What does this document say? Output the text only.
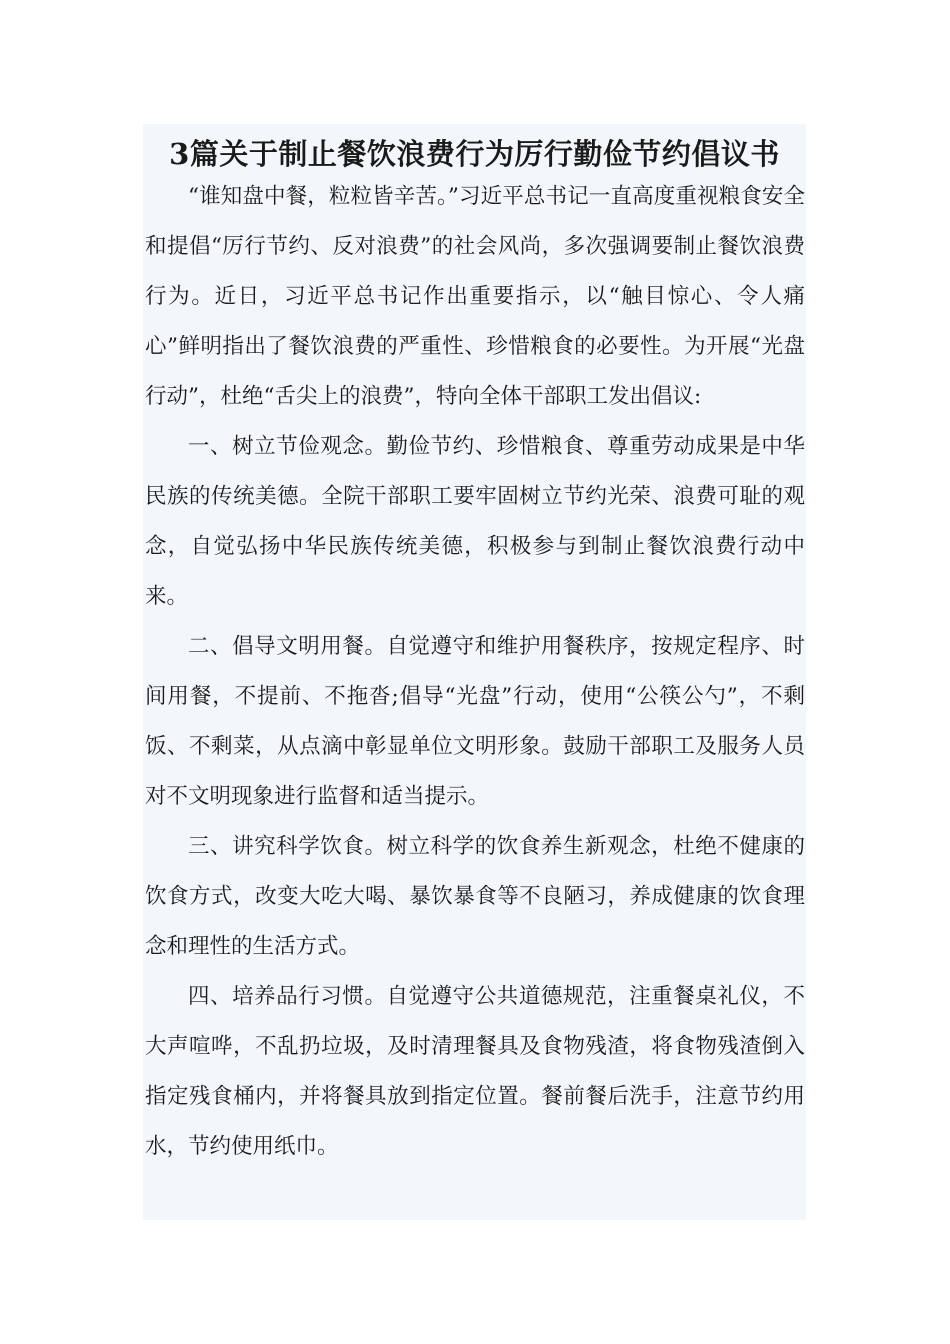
3篇关于制止餐饮浪费行为厉行勤俭节约倡议书

“谁知盘中餐，粒粒皆辛苦。”习近平总书记一直高度重视粮食安全和提倡“厉行节约、反对浪费”的社会风尚，多次强调要制止餐饮浪费行为。近日，习近平总书记作出重要指示，以“触目惊心、令人痛心”鲜明指出了餐饮浪费的严重性、珍惜粮食的必要性。为开展“光盘行动”，杜绝“舌尖上的浪费”，特向全体干部职工发出倡议:

一、树立节俭观念。勤俭节约、珍惜粮食、尊重劳动成果是中华民族的传统美德。全院干部职工要牢固树立节约光荣、浪费可耻的观念，自觉弘扬中华民族传统美德，积极参与到制止餐饮浪费行动中来。

二、倡导文明用餐。自觉遵守和维护用餐秩序，按规定程序、时间用餐，不提前、不拖沓;倡导“光盘”行动，使用“公筷公勺”，不剩饭、不剩菜，从点滴中彰显单位文明形象。鼓励干部职工及服务人员对不文明现象进行监督和适当提示。

三、讲究科学饮食。树立科学的饮食养生新观念，杜绝不健康的饮食方式，改变大吃大喝、暴饮暴食等不良陋习，养成健康的饮食理念和理性的生活方式。

四、培养品行习惯。自觉遵守公共道德规范，注重餐桌礼仪，不大声喧哗，不乱扔垃圾，及时清理餐具及食物残渣，将食物残渣倒入指定残食桶内，并将餐具放到指定位置。餐前餐后洗手，注意节约用水，节约使用纸巾。
